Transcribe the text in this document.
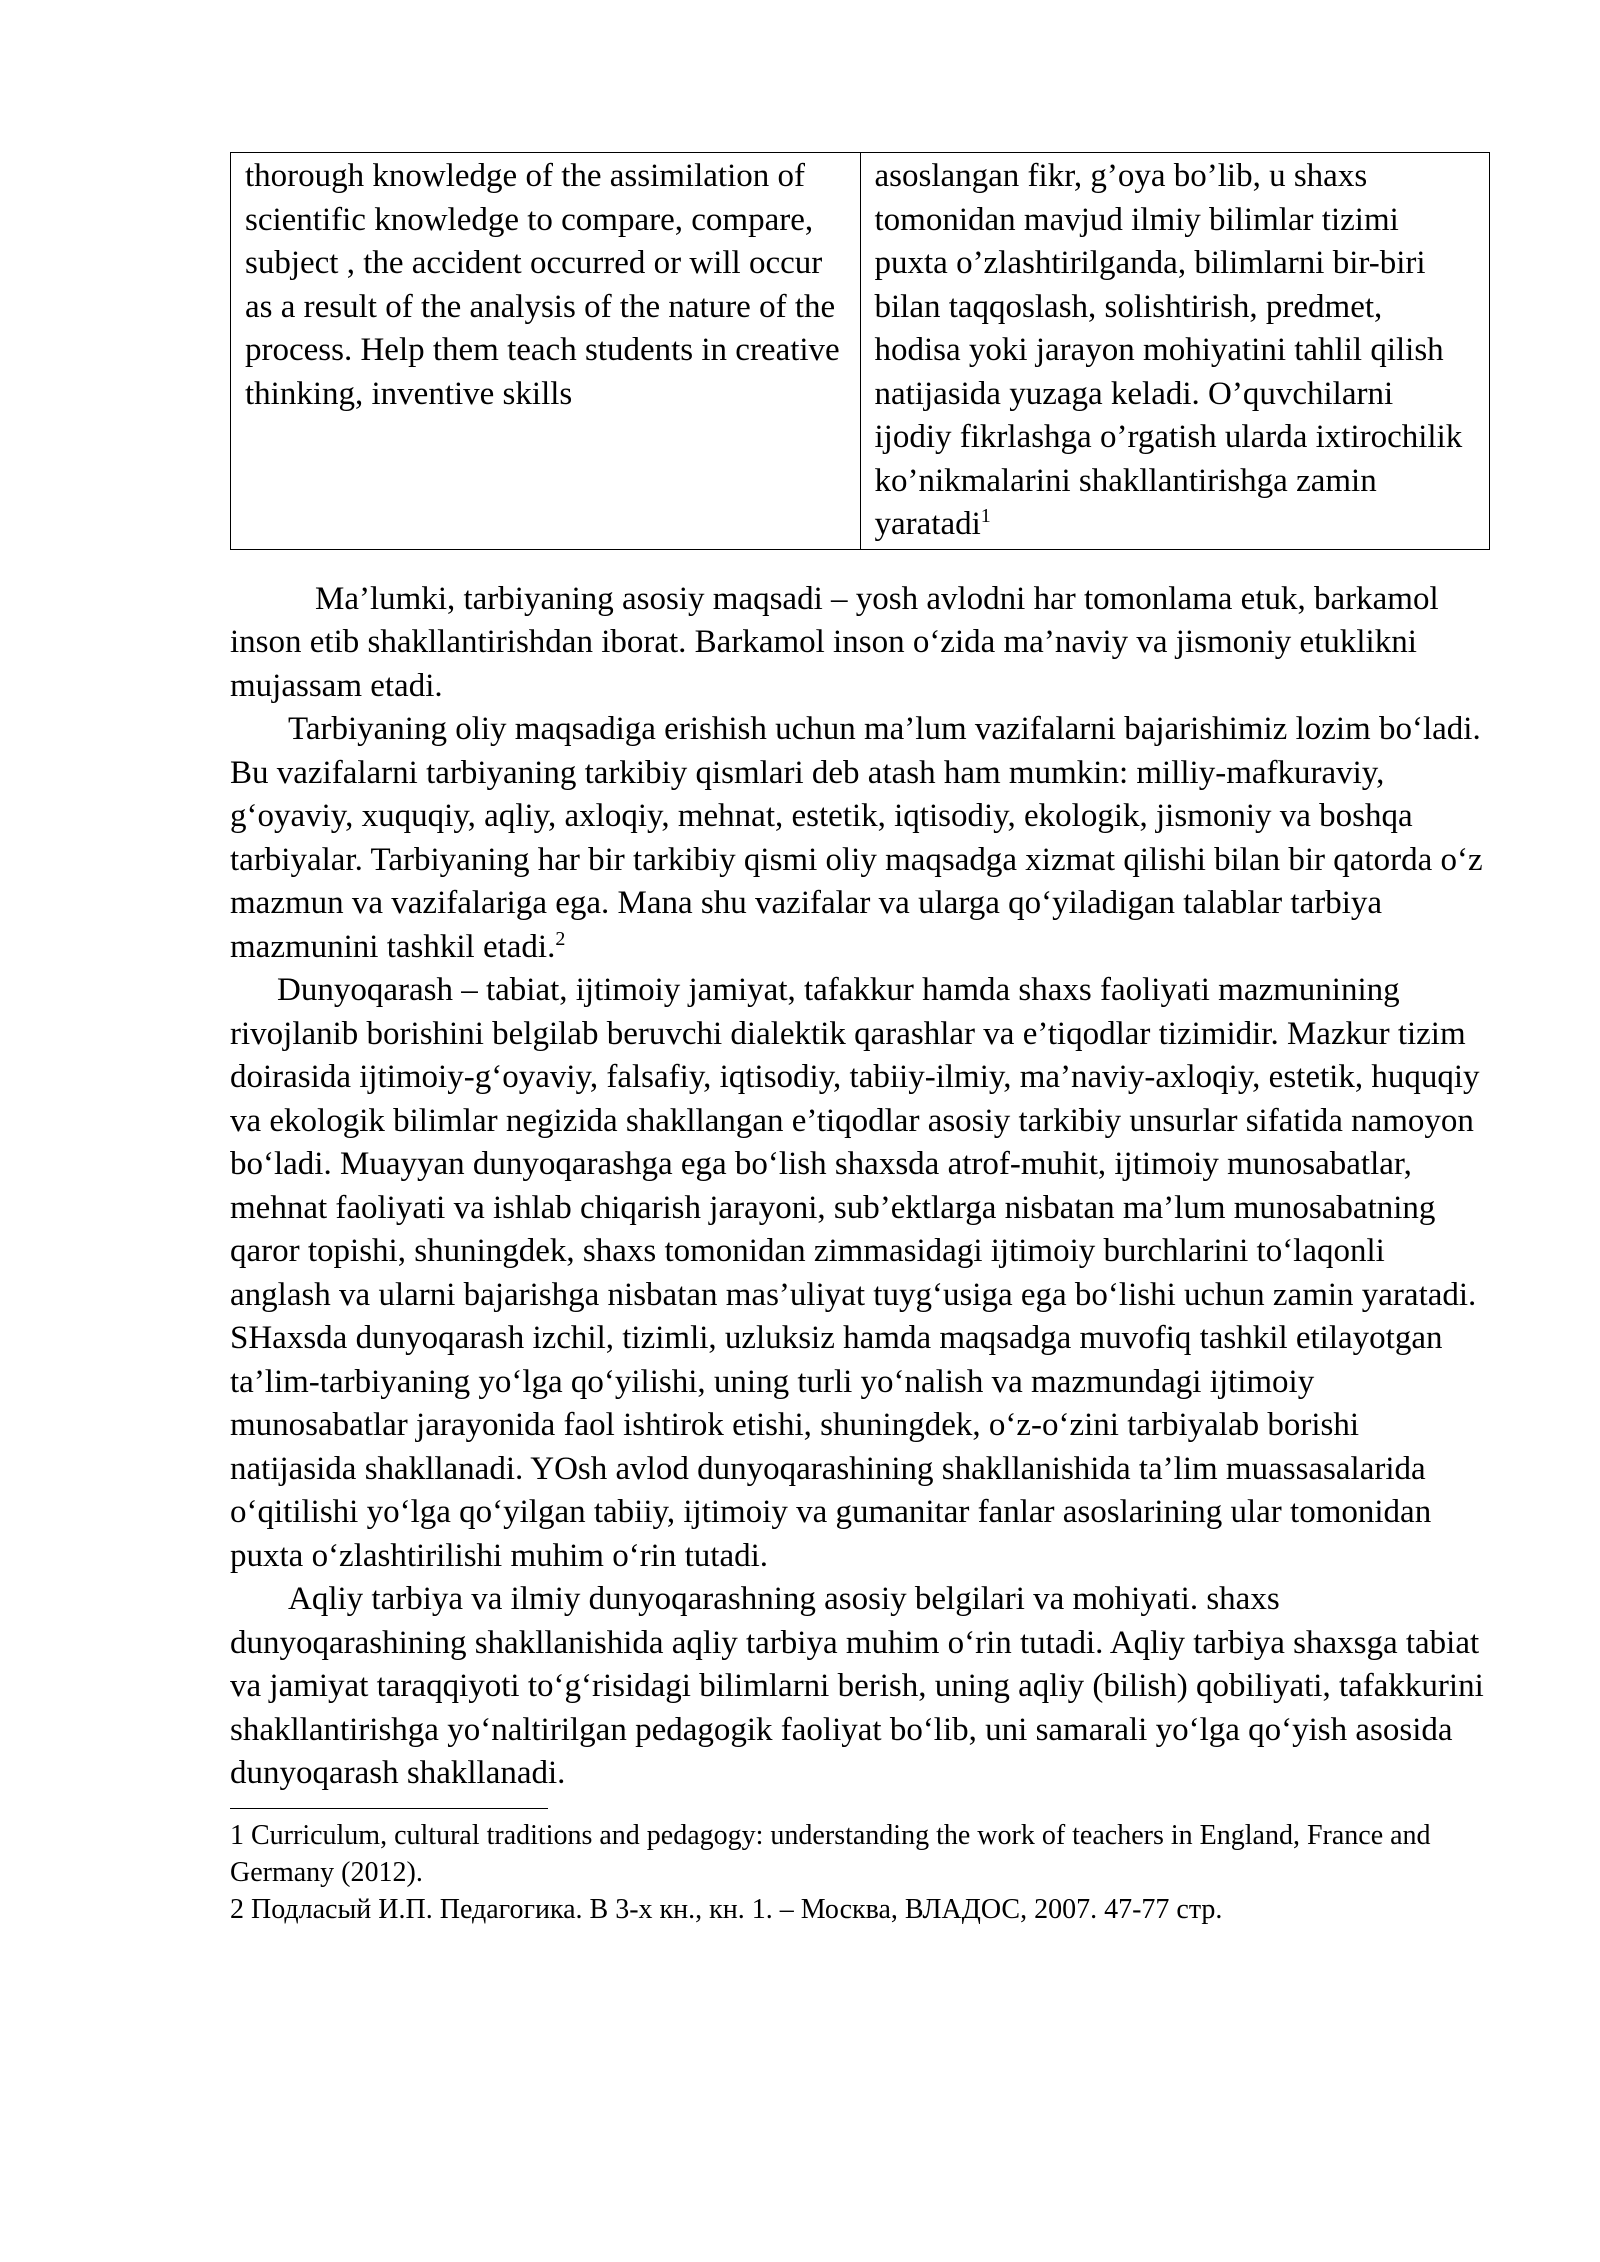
thorough knowledge of the assimilation of scientific knowledge to compare, compare, subject , the accident occurred or will occur as a result of the analysis of the nature of the process. Help them teach students in creative thinking, inventive skills	asoslangan fikr, g’oya bo’lib, u shaxs tomonidan mavjud ilmiy bilimlar tizimi puxta o’zlashtirilganda, bilimlarni bir-biri bilan taqqoslash, solishtirish, predmet, hodisa yoki jarayon mohiyatini tahlil qilish natijasida yuzaga keladi. O’quvchilarni ijodiy fikrlashga o’rgatish ularda ixtirochilik ko’nikmalarini shakllantirishga zamin yaratadi$^1$

Ma’lumki, tarbiyaning asosiy maqsadi – yosh avlodni har tomonlama etuk, barkamol inson etib shakllantirishdan iborat. Barkamol inson o‘zida ma’naviy va jismoniy etuklikni mujassam etadi.

Tarbiyaning oliy maqsadiga erishish uchun ma’lum vazifalarni bajarishimiz lozim bo‘ladi. Bu vazifalarni tarbiyaning tarkibiy qismlari deb atash ham mumkin: milliy-mafkuraviy, g‘oyaviy, xuquqiy, aqliy, axloqiy, mehnat, estetik, iqtisodiy, ekologik, jismoniy va boshqa tarbiyalar. Tarbiyaning har bir tarkibiy qismi oliy maqsadga xizmat qilishi bilan bir qatorda o‘z mazmun va vazifalariga ega. Mana shu vazifalar va ularga qo‘yiladigan talablar tarbiya mazmunini tashkil etadi.$^2$

Dunyoqarash – tabiat, ijtimoiy jamiyat, tafakkur hamda shaxs faoliyati mazmunining rivojlanib borishini belgilab beruvchi dialektik qarashlar va e’tiqodlar tizimidir. Mazkur tizim doirasida ijtimoiy-g‘oyaviy, falsafiy, iqtisodiy, tabiiy-ilmiy, ma’naviy-axloqiy, estetik, huquqiy va ekologik bilimlar negizida shakllangan e’tiqodlar asosiy tarkibiy unsurlar sifatida namoyon bo‘ladi. Muayyan dunyoqarashga ega bo‘lish shaxsda atrof-muhit, ijtimoiy munosabatlar, mehnat faoliyati va ishlab chiqarish jarayoni, sub’ektlarga nisbatan ma’lum munosabatning qaror topishi, shuningdek, shaxs tomonidan zimmasidagi ijtimoiy burchlarini to‘laqonli anglash va ularni bajarishga nisbatan mas’uliyat tuyg‘usiga ega bo‘lishi uchun zamin yaratadi. SHaxsda dunyoqarash izchil, tizimli, uzluksiz hamda maqsadga muvofiq tashkil etilayotgan ta’lim-tarbiyaning yo‘lga qo‘yilishi, uning turli yo‘nalish va mazmundagi ijtimoiy munosabatlar jarayonida faol ishtirok etishi, shuningdek, o‘z-o‘zini tarbiyalab borishi natijasida shakllanadi. YOsh avlod dunyoqarashining shakllanishida ta’lim muassasalarida o‘qitilishi yo‘lga qo‘yilgan tabiiy, ijtimoiy va gumanitar fanlar asoslarining ular tomonidan puxta o‘zlashtirilishi muhim o‘rin tutadi.

Aqliy tarbiya va ilmiy dunyoqarashning asosiy belgilari va mohiyati. shaxs dunyoqarashining shakllanishida aqliy tarbiya muhim o‘rin tutadi. Aqliy tarbiya shaxsga tabiat va jamiyat taraqqiyoti to‘g‘risidagi bilimlarni berish, uning aqliy (bilish) qobiliyati, tafakkurini shakllantirishga yo‘naltirilgan pedagogik faoliyat bo‘lib, uni samarali yo‘lga qo‘yish asosida dunyoqarash shakllanadi.

1 Curriculum, cultural traditions and pedagogy: understanding the work of teachers in England, France and Germany (2012).

2 Подласый И.П. Педагогика. В 3-х кн., кн. 1. – Москва, ВЛАДОС, 2007. 47-77 стр.
